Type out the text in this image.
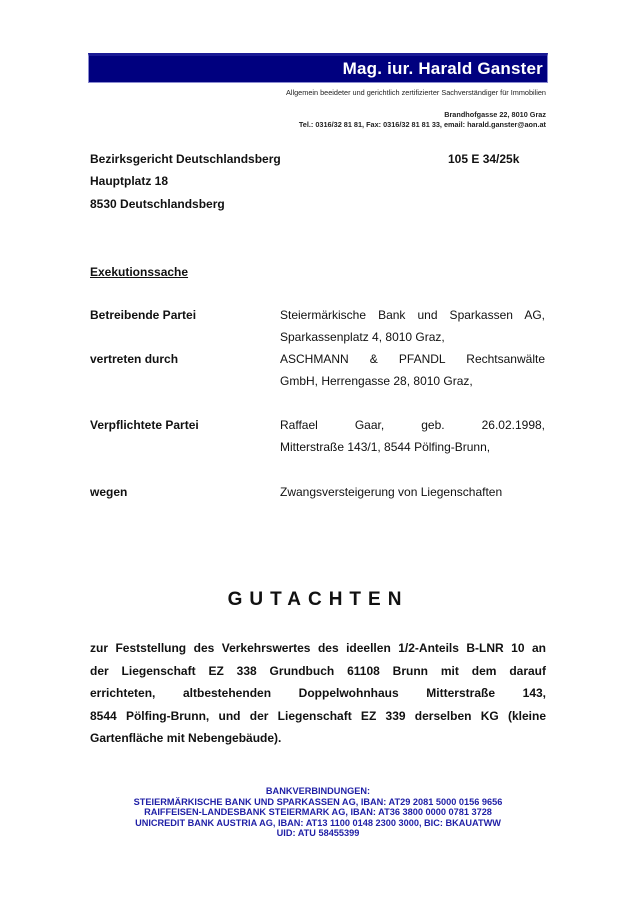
Mag. iur. Harald Ganster
Allgemein beeideter und gerichtlich zertifizierter Sachverständiger für Immobilien
Brandhofgasse 22, 8010 Graz
Tel.: 0316/32 81 81, Fax: 0316/32 81 81 33, email: harald.ganster@aon.at
Bezirksgericht Deutschlandsberg
Hauptplatz 18
8530 Deutschlandsberg
105 E 34/25k
Exekutionssache
Betreibende Partei	Steiermärkische Bank und Sparkassen AG,
Sparkassenplatz 4, 8010 Graz,
vertreten durch	ASCHMANN & PFANDL Rechtsanwälte
GmbH, Herrengasse 28, 8010 Graz,
Verpflichtete Partei	Raffael Gaar, geb. 26.02.1998,
Mitterstraße 143/1, 8544 Pölfing-Brunn,
wegen	Zwangsversteigerung von Liegenschaften
GUTACHTEN
zur Feststellung des Verkehrswertes des ideellen 1/2-Anteils B-LNR 10 an
der Liegenschaft EZ 338 Grundbuch 61108 Brunn mit dem darauf
errichteten, altbestehenden Doppelwohnhaus Mitterstraße 143,
8544 Pölfing-Brunn, und der Liegenschaft EZ 339 derselben KG (kleine
Gartenfläche mit Nebengebäude).
BANKVERBINDUNGEN:
STEIERMÄRKISCHE BANK UND SPARKASSEN AG, IBAN: AT29 2081 5000 0156 9656
RAIFFEISEN-LANDESBANK STEIERMARK AG, IBAN: AT36 3800 0000 0781 3728
UNICREDIT BANK AUSTRIA AG, IBAN: AT13 1100 0148 2300 3000, BIC: BKAUATWW
UID: ATU 58455399
